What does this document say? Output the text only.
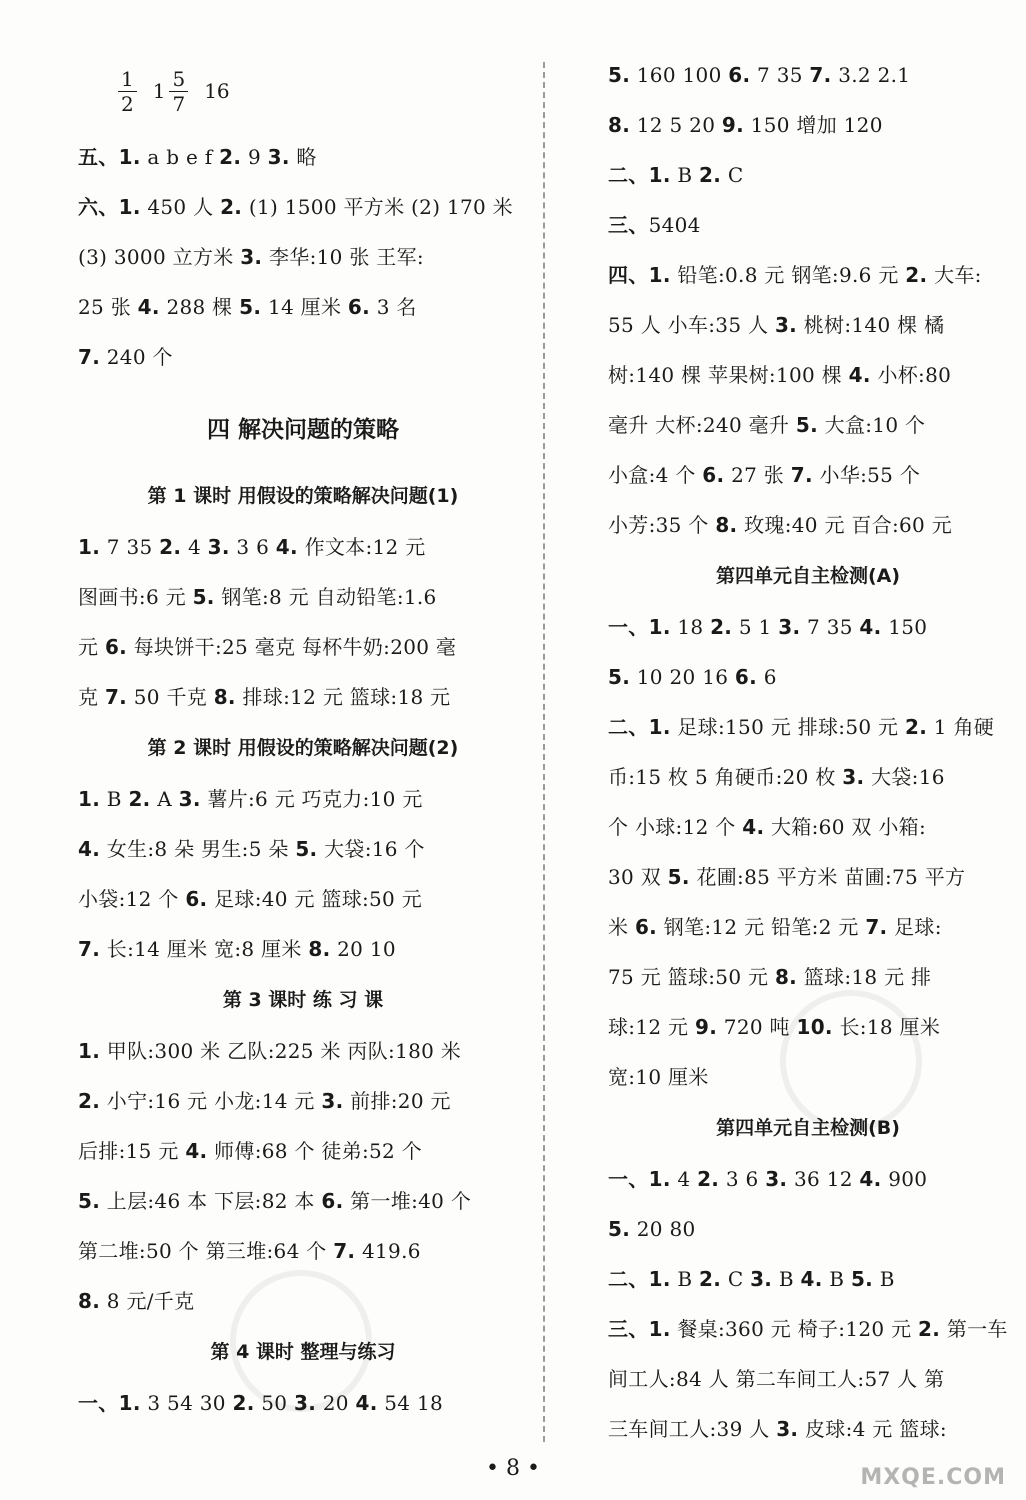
$\frac{1}{2} 1 \frac{5}{7} 16$
五、1. a b e f 2. 9 3. 略
六、1. 450 人 2. (1) 1500 平方米 (2) 170 米
(3) 3000 立方米 3. 李华:10 张 王军:
25 张 4. 288 棵 5. 14 厘米 6. 3 名
7. 240 个
四 解决问题的策略
第 1 课时 用假设的策略解决问题(1)
1. 7 35 2. 4 3. 3 6 4. 作文本:12 元
图画书:6 元 5. 钢笔:8 元 自动铅笔:1.6
元 6. 每块饼干:25 毫克 每杯牛奶:200 毫
克 7. 50 千克 8. 排球:12 元 篮球:18 元
第 2 课时 用假设的策略解决问题(2)
1. B 2. A 3. 薯片:6 元 巧克力:10 元
4. 女生:8 朵 男生:5 朵 5. 大袋:16 个
小袋:12 个 6. 足球:40 元 篮球:50 元
7. 长:14 厘米 宽:8 厘米 8. 20 10
第 3 课时 练 习 课
1. 甲队:300 米 乙队:225 米 丙队:180 米
2. 小宁:16 元 小龙:14 元 3. 前排:20 元
后排:15 元 4. 师傅:68 个 徒弟:52 个
5. 上层:46 本 下层:82 本 6. 第一堆:40 个
第二堆:50 个 第三堆:64 个 7. 419.6
8. 8 元/千克
第 4 课时 整理与练习
一、1. 3 54 30 2. 50 3. 20 4. 54 18
5. 160 100 6. 7 35 7. 3.2 2.1
8. 12 5 20 9. 150 增加 120
二、1. B 2. C
三、5404
四、1. 铅笔:0.8 元 钢笔:9.6 元 2. 大车:
55 人 小车:35 人 3. 桃树:140 棵 橘
树:140 棵 苹果树:100 棵 4. 小杯:80
毫升 大杯:240 毫升 5. 大盒:10 个
小盒:4 个 6. 27 张 7. 小华:55 个
小芳:35 个 8. 玫瑰:40 元 百合:60 元
第四单元自主检测(A)
一、1. 18 2. 5 1 3. 7 35 4. 150
5. 10 20 16 6. 6
二、1. 足球:150 元 排球:50 元 2. 1 角硬
币:15 枚 5 角硬币:20 枚 3. 大袋:16
个 小球:12 个 4. 大箱:60 双 小箱:
30 双 5. 花圃:85 平方米 苗圃:75 平方
米 6. 钢笔:12 元 铅笔:2 元 7. 足球:
75 元 篮球:50 元 8. 篮球:18 元 排
球:12 元 9. 720 吨 10. 长:18 厘米
宽:10 厘米
第四单元自主检测(B)
一、1. 4 2. 3 6 3. 36 12 4. 900
5. 20 80
二、1. B 2. C 3. B 4. B 5. B
三、1. 餐桌:360 元 椅子:120 元 2. 第一车
间工人:84 人 第二车间工人:57 人 第
三车间工人:39 人 3. 皮球:4 元 篮球:
• 8 •	MXQE.COM
